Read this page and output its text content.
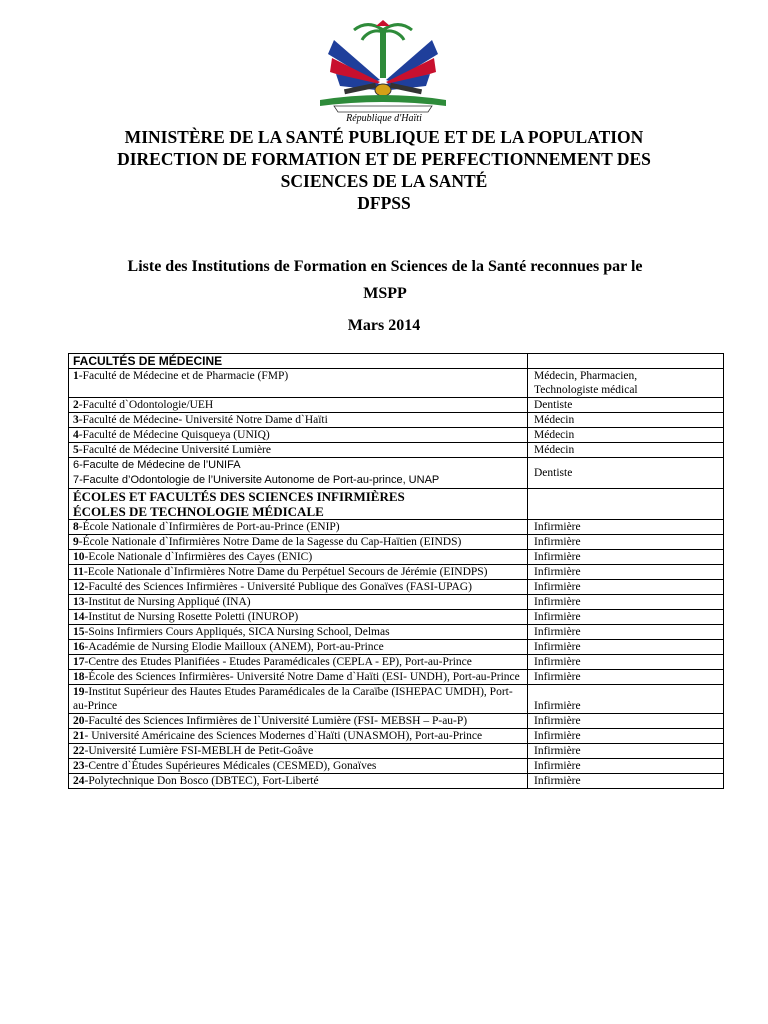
République d'Haïti
MINISTÈRE DE LA SANTÉ PUBLIQUE ET DE LA POPULATION
DIRECTION DE FORMATION ET DE PERFECTIONNEMENT DES
SCIENCES DE LA SANTÉ
DFPSS
Liste des Institutions de Formation en Sciences de la Santé reconnues par le
MSPP
Mars 2014
FACULTÉS DE MÉDECINE	
1-Faculté de Médecine et de Pharmacie (FMP)	Médecin, Pharmacien,
Technologiste médical

2-Faculté d`Odontologie/UEH	Dentiste
3-Faculté de Médecine- Université Notre Dame d`Haïti	Médecin
4-Faculté de Médecine Quisqueya (UNIQ)	Médecin
5-Faculté de Médecine Université Lumière	Médecin

6-Faculte de Médecine de l’UNIFA
7-Faculte d’Odontologie de l’Universite Autonome de Port-au-prince, UNAP	Dentiste

ÉCOLES ET FACULTÉS DES SCIENCES INFIRMIÈRES
ÉCOLES DE TECHNOLOGIE MÉDICALE	

8-École Nationale d`Infirmières de Port-au-Prince (ENIP)	Infirmière
9-École Nationale d`Infirmières Notre Dame de la Sagesse du Cap-Haïtien (EINDS)	Infirmière
10-Ecole Nationale d`Infirmières des Cayes (ENIC)	Infirmière
11-Ecole Nationale d`Infirmières Notre Dame du Perpétuel Secours de Jérémie (EINDPS)	Infirmière
12-Faculté des Sciences Infirmières - Université Publique des Gonaïves (FASI-UPAG)	Infirmière
13-Institut de Nursing Appliqué (INA)	Infirmière
14-Institut de Nursing Rosette Poletti (INUROP)	Infirmière
15-Soins Infirmiers Cours Appliqués, SICA Nursing School, Delmas	Infirmière
16-Académie de Nursing Elodie Mailloux (ANEM), Port-au-Prince	Infirmière
17-Centre des Etudes Planifiées - Etudes Paramédicales (CEPLA - EP), Port-au-Prince	Infirmière
18-École des Sciences Infirmières- Université Notre Dame d`Haïti (ESI- UNDH), Port-au-Prince	Infirmière
19-Institut Supérieur des Hautes Etudes Paramédicales de la Caraïbe (ISHEPAC UMDH), Port-au-Prince	Infirmière
20-Faculté des Sciences Infirmières de l`Université Lumière (FSI- MEBSH – P-au-P)	Infirmière
21- Université Américaine des Sciences Modernes d`Haïti (UNASMOH), Port-au-Prince	Infirmière
22-Université Lumière FSI-MEBLH de Petit-Goâve	Infirmière
23-Centre d`Études Supérieures Médicales (CESMED), Gonaïves	Infirmière
24-Polytechnique Don Bosco (DBTEC), Fort-Liberté	Infirmière
